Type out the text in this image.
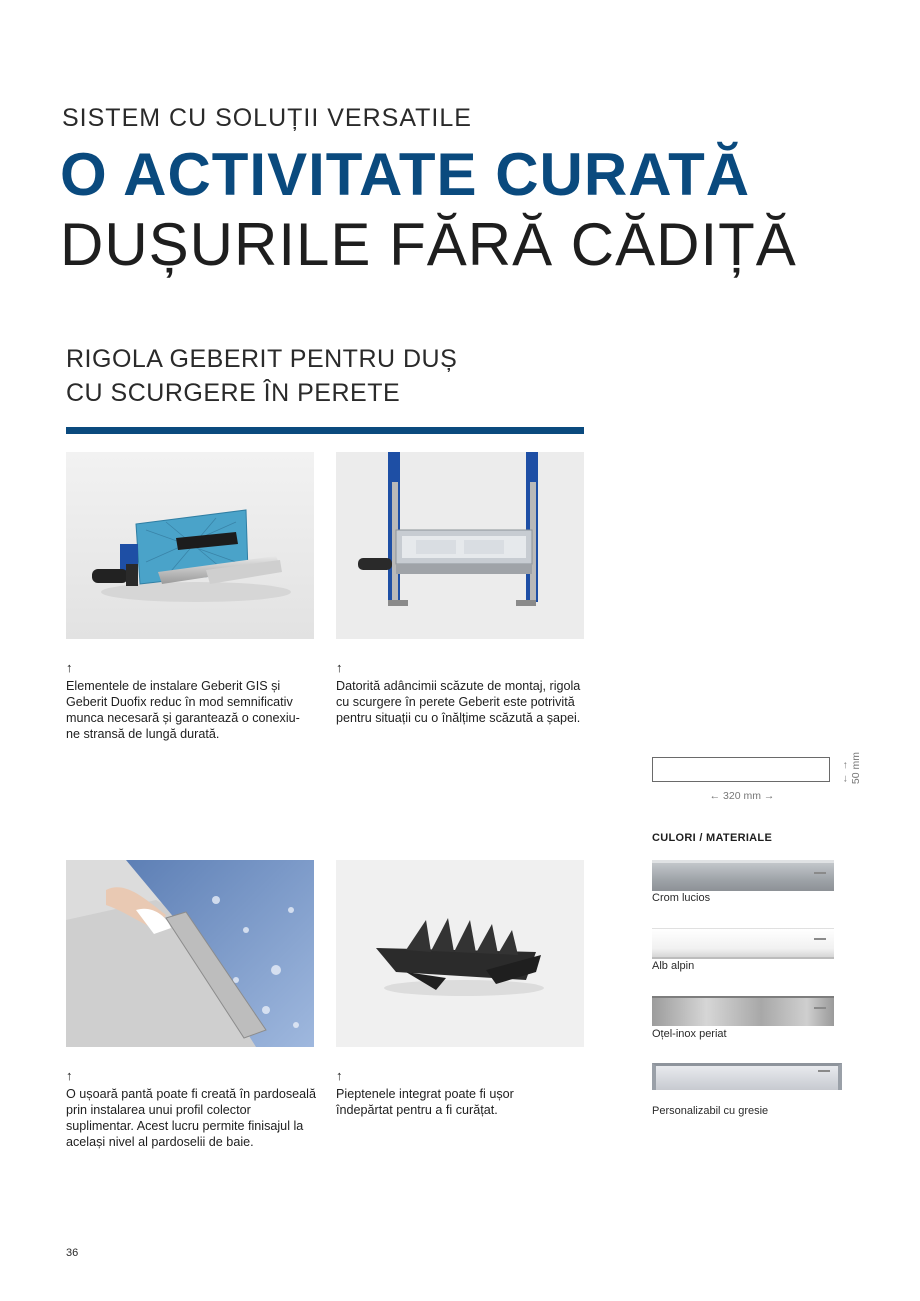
SISTEM CU SOLUȚII VERSATILE
O ACTIVITATE CURATĂ
DUȘURILE FĂRĂ CĂDIȚĂ
RIGOLA GEBERIT PENTRU DUȘ
CU SCURGERE ÎN PERETE
↑
Elementele de instalare Geberit GIS și
Geberit Duofix reduc în mod semnificativ
munca necesară și garantează o conexiu-
ne stransă de lungă durată.
↑
Datorită adâncimii scăzute de montaj, rigola
cu scurgere în perete Geberit este potrivită
pentru situații cu o înălțime scăzută a șapei.
↑
O ușoară pantă poate fi creată în pardoseală
prin instalarea unui profil colector
suplimentar. Acest lucru permite finisajul la
același nivel al pardoselii de baie.
↑
Pieptenele integrat poate fi ușor
îndepărtat pentru a fi curățat.
← 320 mm →
← → 50 mm
CULORI / MATERIALE
Crom lucios
Alb alpin
Oțel-inox periat
Personalizabil cu gresie
36
